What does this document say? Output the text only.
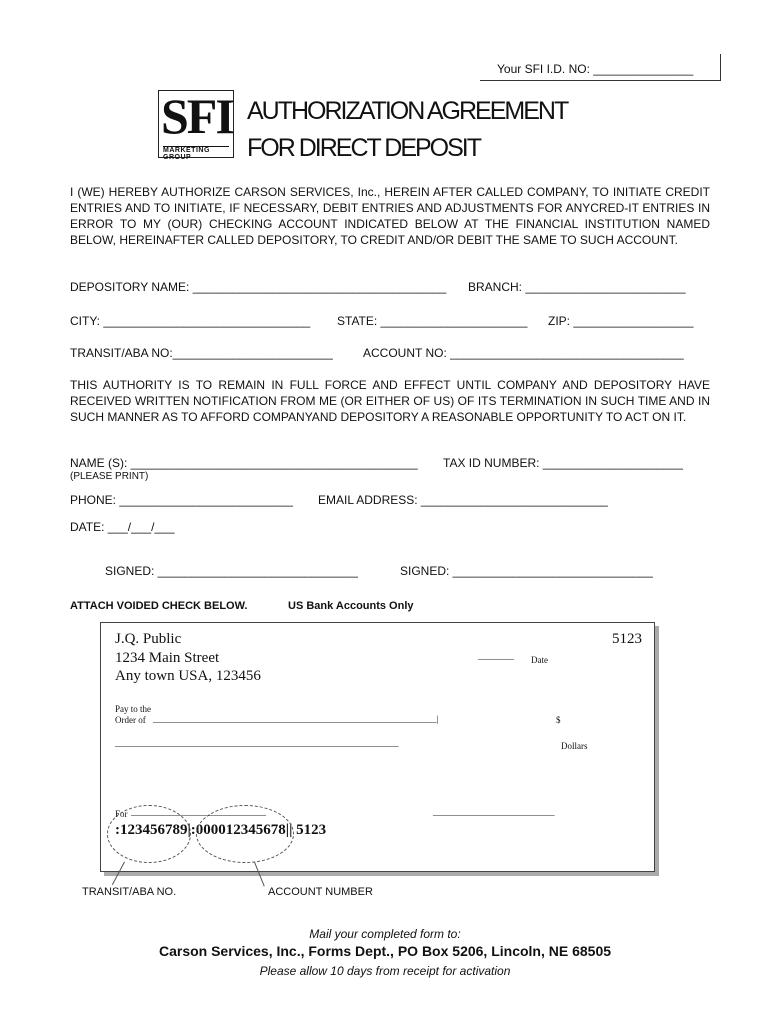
Your SFI I.D. NO: _______________
SFI
MARKETING GROUP
AUTHORIZATION AGREEMENT
FOR DIRECT DEPOSIT
I (WE) HEREBY AUTHORIZE CARSON SERVICES, Inc., HEREIN AFTER CALLED COMPANY, TO INITIATE CREDIT ENTRIES AND TO INITIATE, IF NECESSARY, DEBIT ENTRIES AND ADJUSTMENTS FOR ANYCRED-IT ENTRIES IN ERROR TO MY (OUR) CHECKING ACCOUNT INDICATED BELOW AT THE FINANCIAL INSTITUTION NAMED BELOW, HEREINAFTER CALLED DEPOSITORY, TO CREDIT AND/OR DEBIT THE SAME TO SUCH ACCOUNT.
DEPOSITORY NAME: ______________________________________ BRANCH: ________________________
CITY: _______________________________ STATE: ______________________ ZIP: __________________
TRANSIT/ABA NO:________________________	ACCOUNT NO: ___________________________________
THIS AUTHORITY IS TO REMAIN IN FULL FORCE AND EFFECT UNTIL COMPANY AND DEPOSITORY HAVE RECEIVED WRITTEN NOTIFICATION FROM ME (OR EITHER OF US) OF ITS TERMINATION IN SUCH TIME AND IN SUCH MANNER AS TO AFFORD COMPANYAND DEPOSITORY A REASONABLE OPPORTUNITY TO ACT ON IT.
NAME (S): ___________________________________________ TAX ID NUMBER: _____________________
(PLEASE PRINT)
PHONE: __________________________ EMAIL ADDRESS: ____________________________
DATE: ___/___/___
SIGNED: ______________________________	SIGNED: ______________________________
ATTACH VOIDED CHECK BELOW.	US Bank Accounts Only
J.Q. Public
1234 Main Street
Any town USA, 123456
5123
________ Date
Pay to the
Order of _______________________________________________________________|	$
_______________________________________________________________	Dollars
For ______________________________	___________________________
:123456789|:000012345678|| 5123
TRANSIT/ABA NO.	ACCOUNT NUMBER
Mail your completed form to:
Carson Services, Inc., Forms Dept., PO Box 5206, Lincoln, NE 68505
Please allow 10 days from receipt for activation
